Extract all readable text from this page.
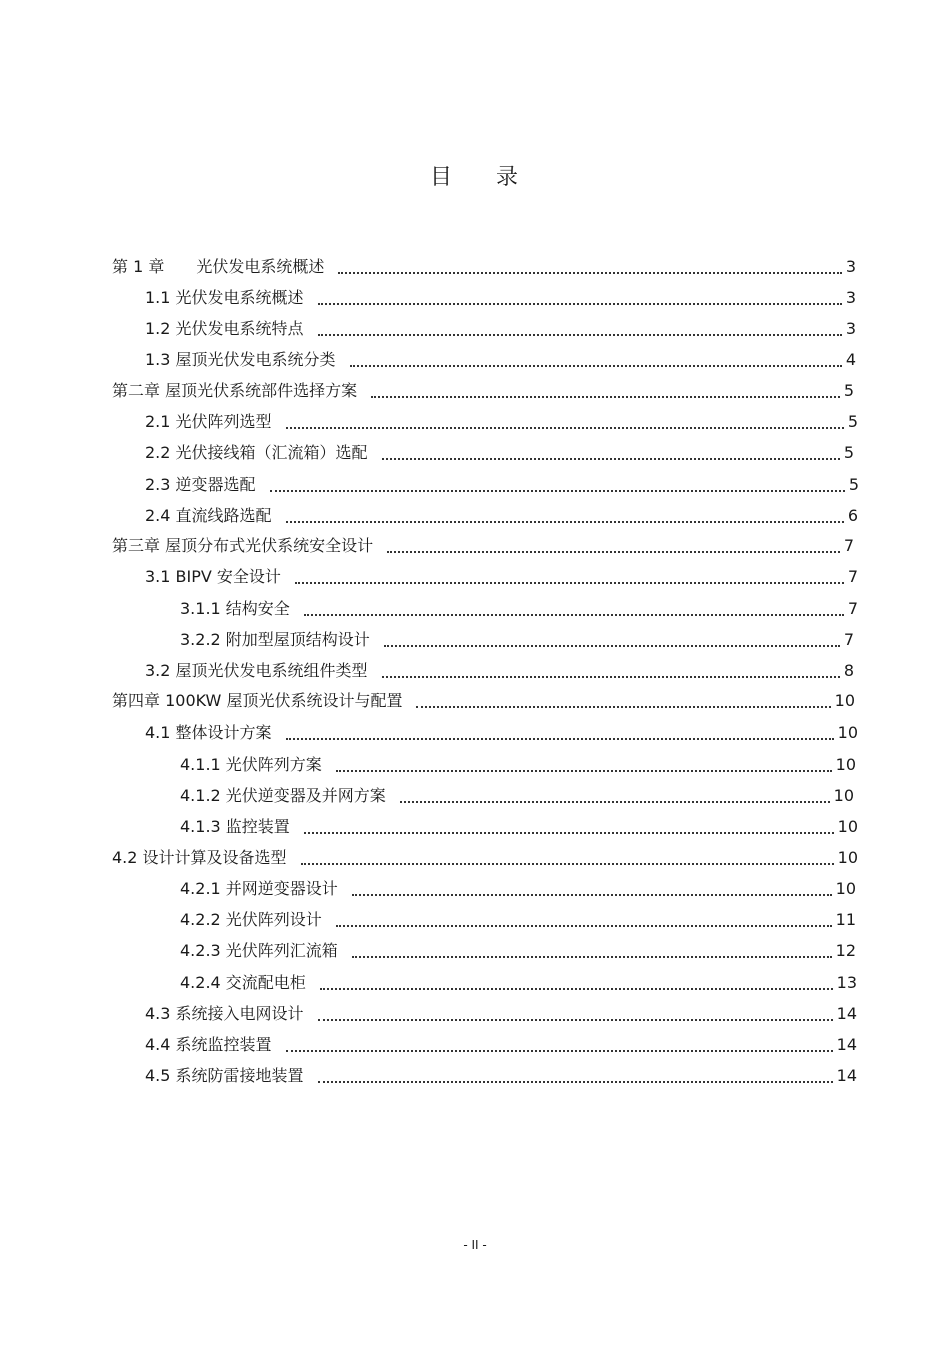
目 录
第 1 章　　光伏发电系统概述	3
1.1 光伏发电系统概述	3
1.2 光伏发电系统特点	3
1.3 屋顶光伏发电系统分类	4
第二章 屋顶光伏系统部件选择方案	5
2.1 光伏阵列选型	5
2.2 光伏接线箱（汇流箱）选配	5
2.3 逆变器选配	5
2.4 直流线路选配	6
第三章 屋顶分布式光伏系统安全设计	7
3.1 BIPV 安全设计	7
3.1.1 结构安全	7
3.2.2 附加型屋顶结构设计	7
3.2 屋顶光伏发电系统组件类型	8
第四章 100KW 屋顶光伏系统设计与配置	10
4.1 整体设计方案	10
4.1.1 光伏阵列方案	10
4.1.2 光伏逆变器及并网方案	10
4.1.3 监控装置	10
4.2 设计计算及设备选型	10
4.2.1 并网逆变器设计	10
4.2.2 光伏阵列设计	11
4.2.3 光伏阵列汇流箱	12
4.2.4 交流配电柜	13
4.3 系统接入电网设计	14
4.4 系统监控装置	14
4.5 系统防雷接地装置	14
- II -
